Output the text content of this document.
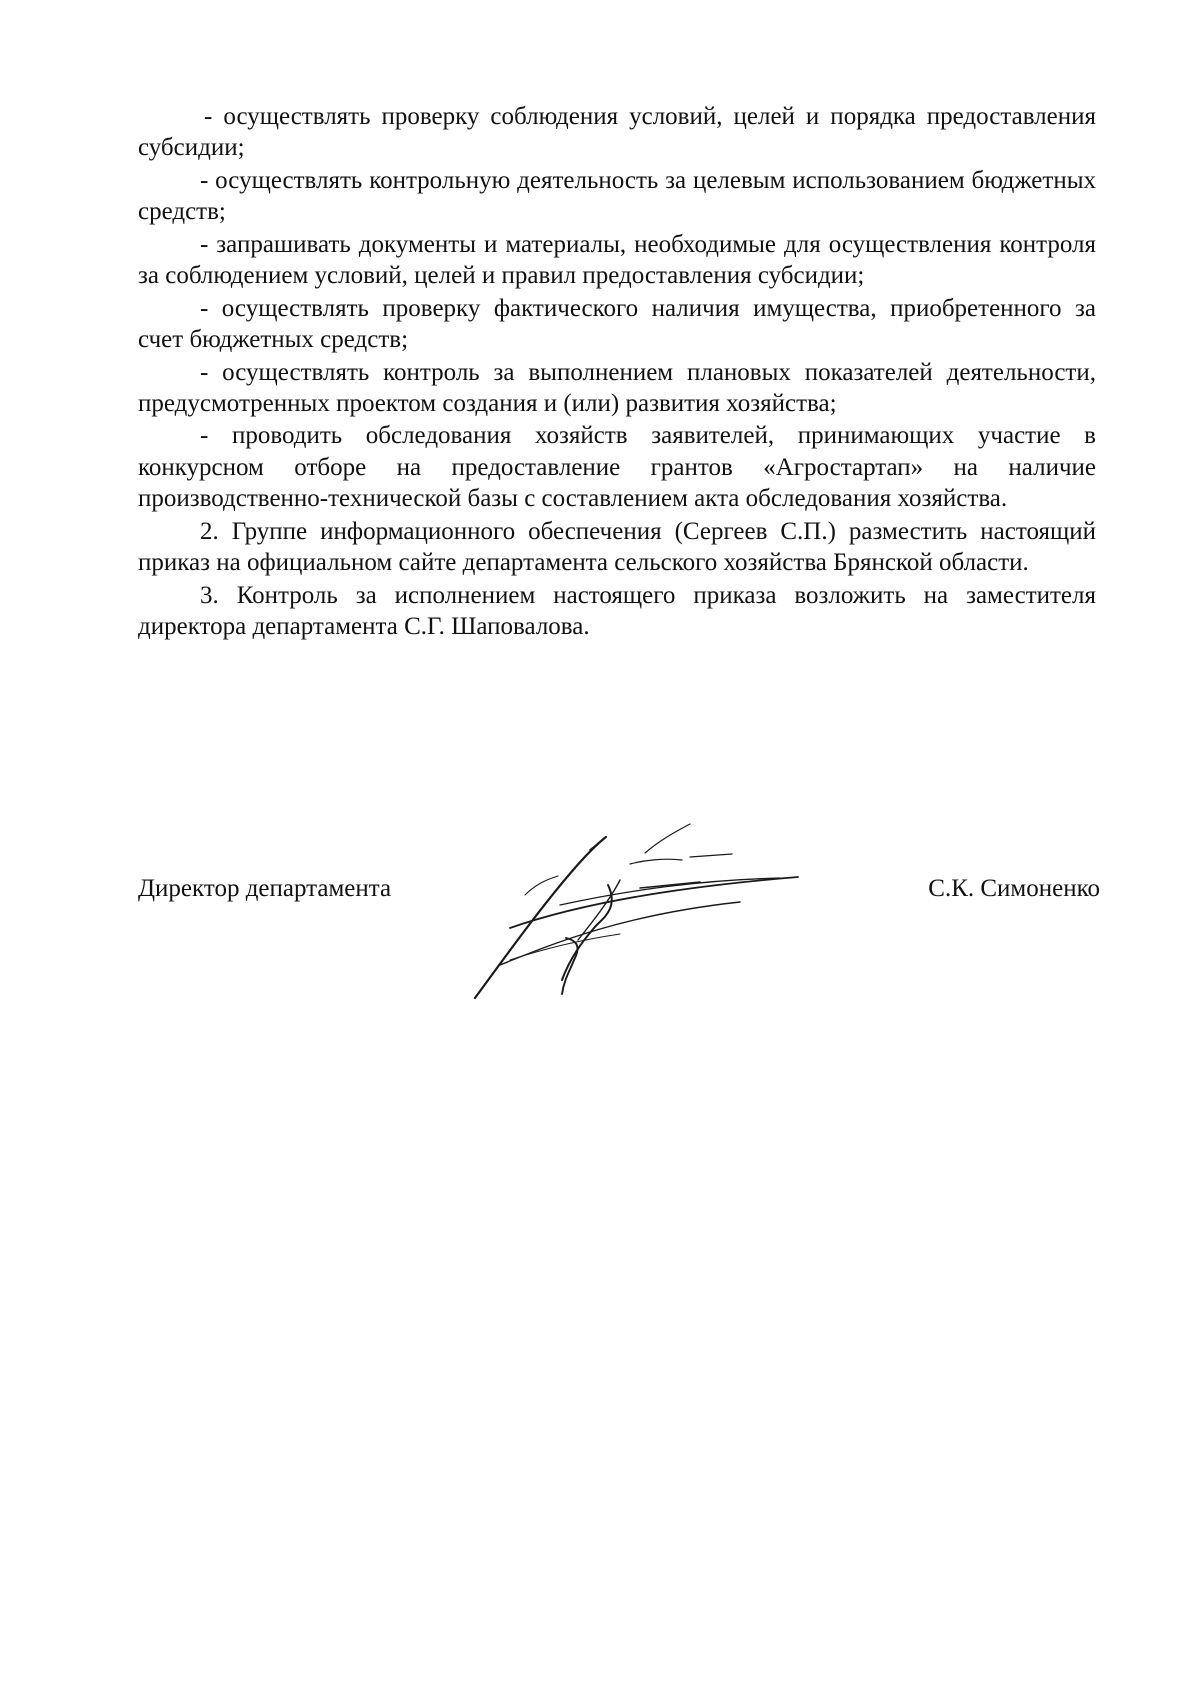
- осуществлять проверку соблюдения условий, целей и порядка предоставления субсидии;

- осуществлять контрольную деятельность за целевым использованием бюджетных средств;

- запрашивать документы и материалы, необходимые для осуществления контроля за соблюдением условий, целей и правил предоставления субсидии;

- осуществлять проверку фактического наличия имущества, приобретенного за счет бюджетных средств;

- осуществлять контроль за выполнением плановых показателей деятельности, предусмотренных проектом создания и (или) развития хозяйства;

- проводить обследования хозяйств заявителей, принимающих участие в конкурсном отборе на предоставление грантов «Агростартап» на наличие производственно-технической базы с составлением акта обследования хозяйства.

2. Группе информационного обеспечения (Сергеев С.П.) разместить настоящий приказ на официальном сайте департамента сельского хозяйства Брянской области.

3. Контроль за исполнением настоящего приказа возложить на заместителя директора департамента С.Г. Шаповалова.

Директор департамента	С.К. Симоненко
